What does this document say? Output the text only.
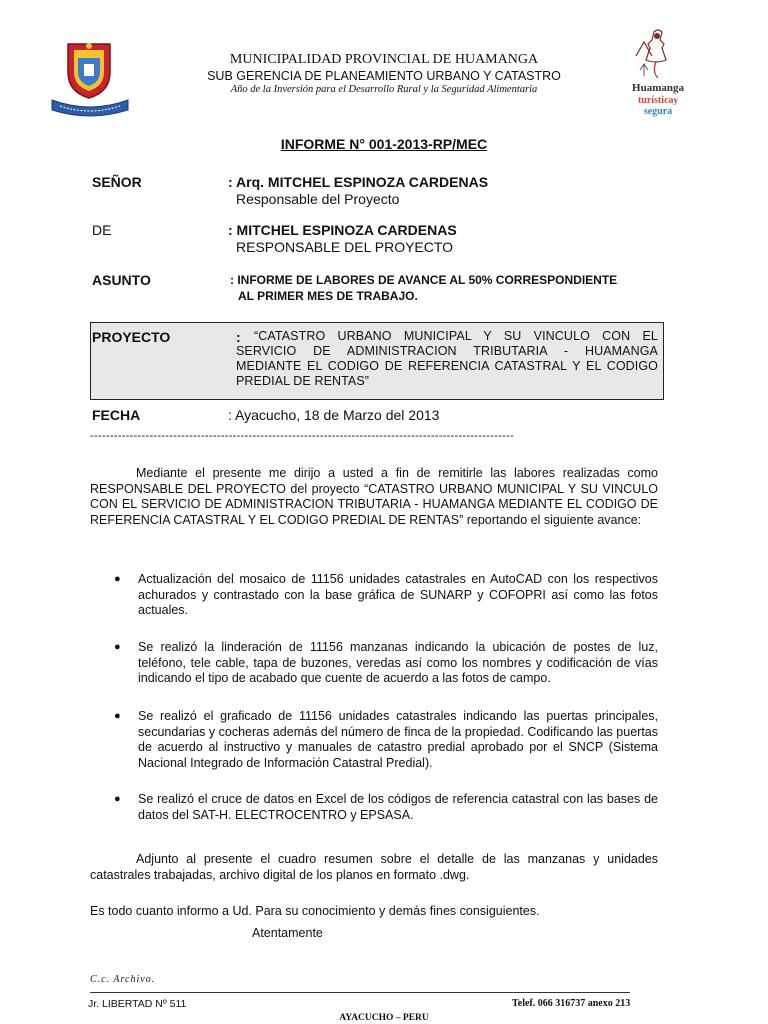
MUNICIPALIDAD PROVINCIAL DE HUAMANGA
SUB GERENCIA DE PLANEAMIENTO URBANO Y CATASTRO
Año de la Inversión para el Desarrollo Rural y la Seguridad Alimentaria	Huamanga
turísticay
segura
INFORME N° 001-2013-RP/MEC
SEÑOR	: Arq. MITCHEL ESPINOZA CARDENAS
Responsable del Proyecto
DE	: MITCHEL ESPINOZA CARDENAS
RESPONSABLE DEL PROYECTO
ASUNTO	: INFORME DE LABORES DE AVANCE AL 50% CORRESPONDIENTE
AL PRIMER MES DE TRABAJO.
PROYECTO	:	“CATASTRO URBANO MUNICIPAL Y SU VINCULO CON EL SERVICIO DE ADMINISTRACION TRIBUTARIA - HUAMANGA MEDIANTE EL CODIGO DE REFERENCIA CATASTRAL Y EL CODIGO PREDIAL DE RENTAS”
FECHA	: Ayacucho, 18 de Marzo del 2013
-----------------------------------------------------------------------------------------------------------
Mediante el presente me dirijo a usted a fin de remitirle las labores realizadas como RESPONSABLE DEL PROYECTO del proyecto “CATASTRO URBANO MUNICIPAL Y SU VINCULO CON EL SERVICIO DE ADMINISTRACION TRIBUTARIA - HUAMANGA MEDIANTE EL CODIGO DE REFERENCIA CATASTRAL Y EL CODIGO PREDIAL DE RENTAS” reportando el siguiente avance:
● Actualización del mosaico de 11156 unidades catastrales en AutoCAD con los respectivos achurados y contrastado con la base gráfica de SUNARP y COFOPRI así como las fotos actuales.
● Se realizó la linderación de 11156 manzanas indicando la ubicación de postes de luz, teléfono, tele cable, tapa de buzones, veredas así como los nombres y codificación de vías indicando el tipo de acabado que cuente de acuerdo a las fotos de campo.
● Se realizó el graficado de 11156 unidades catastrales indicando las puertas principales, secundarias y cocheras además del número de finca de la propiedad. Codificando las puertas de acuerdo al instructivo y manuales de catastro predial aprobado por el SNCP (Sistema Nacional Integrado de Información Catastral Predial).
● Se realizó el cruce de datos en Excel de los códigos de referencia catastral con las bases de datos del SAT-H. ELECTROCENTRO y EPSASA.
Adjunto al presente el cuadro resumen sobre el detalle de las manzanas y unidades catastrales trabajadas, archivo digital de los planos en formato .dwg.
Es todo cuanto informo a Ud. Para su conocimiento y demás fines consiguientes.
Atentamente
C.c. Archivo.
Jr. LIBERTAD Nº 511	Telef. 066 316737 anexo 213
AYACUCHO – PERU
